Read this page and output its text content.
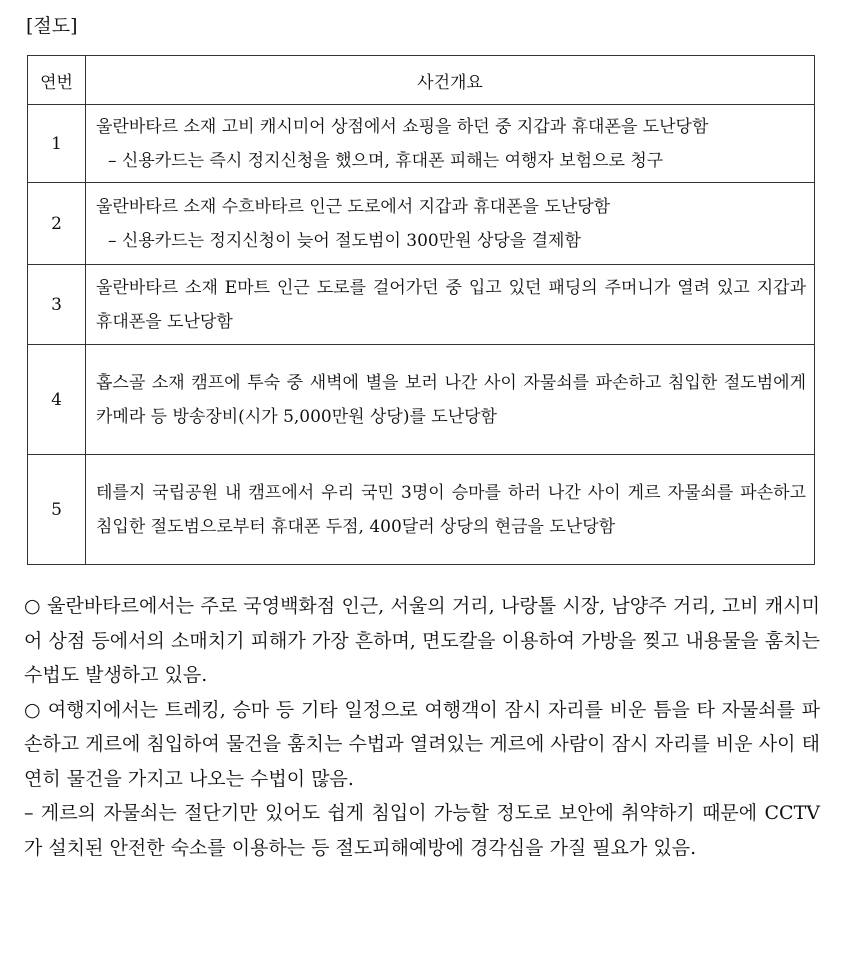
[절도]
연번	사건개요
1	울란바타르 소재 고비 캐시미어 상점에서 쇼핑을 하던 중 지갑과 휴대폰을 도난당함
– 신용카드는 즉시 정지신청을 했으며, 휴대폰 피해는 여행자 보험으로 청구

2	울란바타르 소재 수흐바타르 인근 도로에서 지갑과 휴대폰을 도난당함
– 신용카드는 정지신청이 늦어 절도범이 300만원 상당을 결제함

3	울란바타르 소재 E마트 인근 도로를 걸어가던 중 입고 있던 패딩의 주머니가 열려 있고 지갑과 휴대폰을 도난당함
4	홉스골 소재 캠프에 투숙 중 새벽에 별을 보러 나간 사이 자물쇠를 파손하고 침입한 절도범에게 카메라 등 방송장비(시가 5,000만원 상당)를 도난당함
5	테를지 국립공원 내 캠프에서 우리 국민 3명이 승마를 하러 나간 사이 게르 자물쇠를 파손하고 침입한 절도범으로부터 휴대폰 두점, 400달러 상당의 현금을 도난당함

○ 울란바타르에서는 주로 국영백화점 인근, 서울의 거리, 나랑톨 시장, 남양주 거리, 고비 캐시미어 상점 등에서의 소매치기 피해가 가장 흔하며, 면도칼을 이용하여 가방을 찢고 내용물을 훔치는 수법도 발생하고 있음.

○ 여행지에서는 트레킹, 승마 등 기타 일정으로 여행객이 잠시 자리를 비운 틈을 타 자물쇠를 파손하고 게르에 침입하여 물건을 훔치는 수법과 열려있는 게르에 사람이 잠시 자리를 비운 사이 태연히 물건을 가지고 나오는 수법이 많음.

– 게르의 자물쇠는 절단기만 있어도 쉽게 침입이 가능할 정도로 보안에 취약하기 때문에 CCTV가 설치된 안전한 숙소를 이용하는 등 절도피해예방에 경각심을 가질 필요가 있음.
